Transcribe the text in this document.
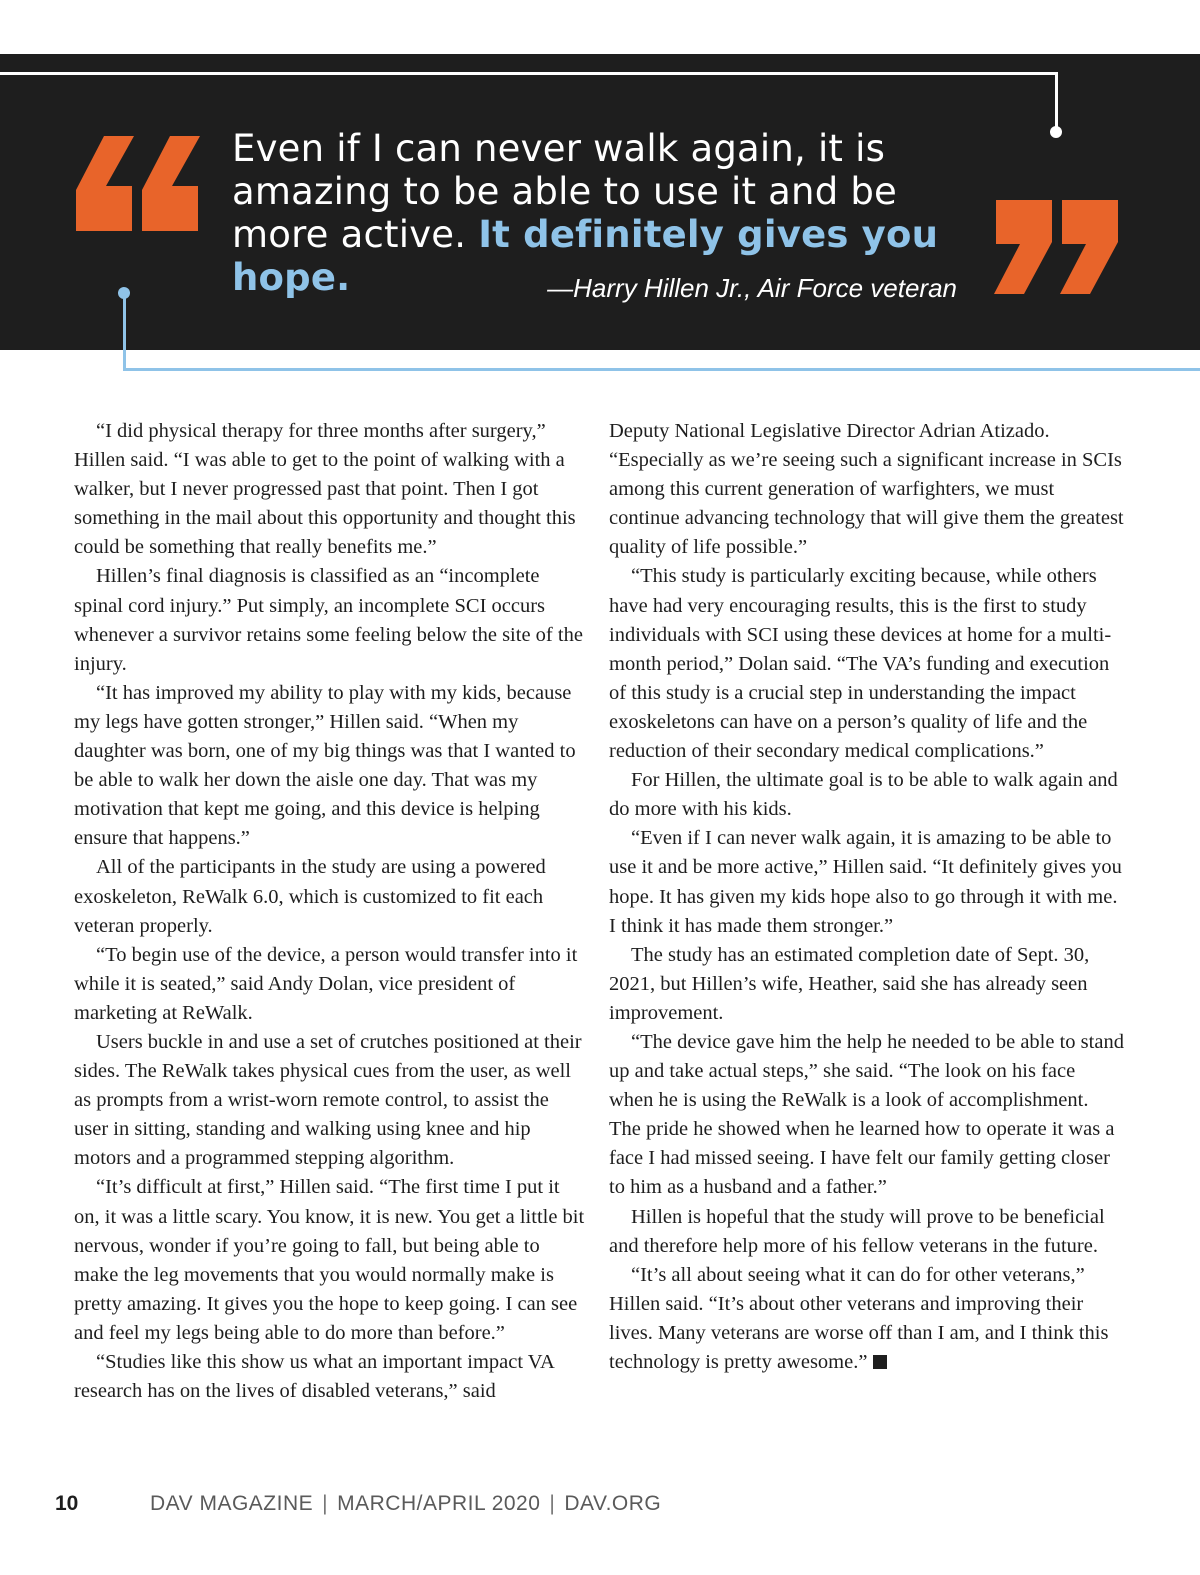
Even if I can never walk again, it is amazing to be able to use it and be more active. It definitely gives you hope.	—Harry Hillen Jr., Air Force veteran

“I did physical therapy for three months after surgery,” Hillen said. “I was able to get to the point of walking with a walker, but I never progressed past that point. Then I got something in the mail about this opportunity and thought this could be something that really benefits me.”

Hillen’s final diagnosis is classified as an “incomplete spinal cord injury.” Put simply, an incomplete SCI occurs whenever a survivor retains some feeling below the site of the injury.

“It has improved my ability to play with my kids, because my legs have gotten stronger,” Hillen said. “When my daughter was born, one of my big things was that I wanted to be able to walk her down the aisle one day. That was my motivation that kept me going, and this device is helping ensure that happens.”

All of the participants in the study are using a powered exoskeleton, ReWalk 6.0, which is customized to fit each veteran properly.

“To begin use of the device, a person would transfer into it while it is seated,” said Andy Dolan, vice president of marketing at ReWalk.

Users buckle in and use a set of crutches positioned at their sides. The ReWalk takes physical cues from the user, as well as prompts from a wrist-worn remote control, to assist the user in sitting, standing and walking using knee and hip motors and a programmed stepping algorithm.

“It’s difficult at first,” Hillen said. “The first time I put it on, it was a little scary. You know, it is new. You get a little bit nervous, wonder if you’re going to fall, but being able to make the leg movements that you would normally make is pretty amazing. It gives you the hope to keep going. I can see and feel my legs being able to do more than before.”

“Studies like this show us what an important impact VA research has on the lives of disabled veterans,” said

Deputy National Legislative Director Adrian Atizado. “Especially as we’re seeing such a significant increase in SCIs among this current generation of warfighters, we must continue advancing technology that will give them the greatest quality of life possible.”

“This study is particularly exciting because, while others have had very encouraging results, this is the first to study individuals with SCI using these devices at home for a multi-month period,” Dolan said. “The VA’s funding and execution of this study is a crucial step in understanding the impact exoskeletons can have on a person’s quality of life and the reduction of their secondary medical complications.”

For Hillen, the ultimate goal is to be able to walk again and do more with his kids.

“Even if I can never walk again, it is amazing to be able to use it and be more active,” Hillen said. “It definitely gives you hope. It has given my kids hope also to go through it with me. I think it has made them stronger.”

The study has an estimated completion date of Sept. 30, 2021, but Hillen’s wife, Heather, said she has already seen improvement.

“The device gave him the help he needed to be able to stand up and take actual steps,” she said. “The look on his face when he is using the ReWalk is a look of accomplishment. The pride he showed when he learned how to operate it was a face I had missed seeing. I have felt our family getting closer to him as a husband and a father.”

Hillen is hopeful that the study will prove to be beneficial and therefore help more of his fellow veterans in the future.

“It’s all about seeing what it can do for other veterans,” Hillen said. “It’s about other veterans and improving their lives. Many veterans are worse off than I am, and I think this technology is pretty awesome.”

10	DAV MAGAZINE | MARCH/APRIL 2020 | DAV.ORG
